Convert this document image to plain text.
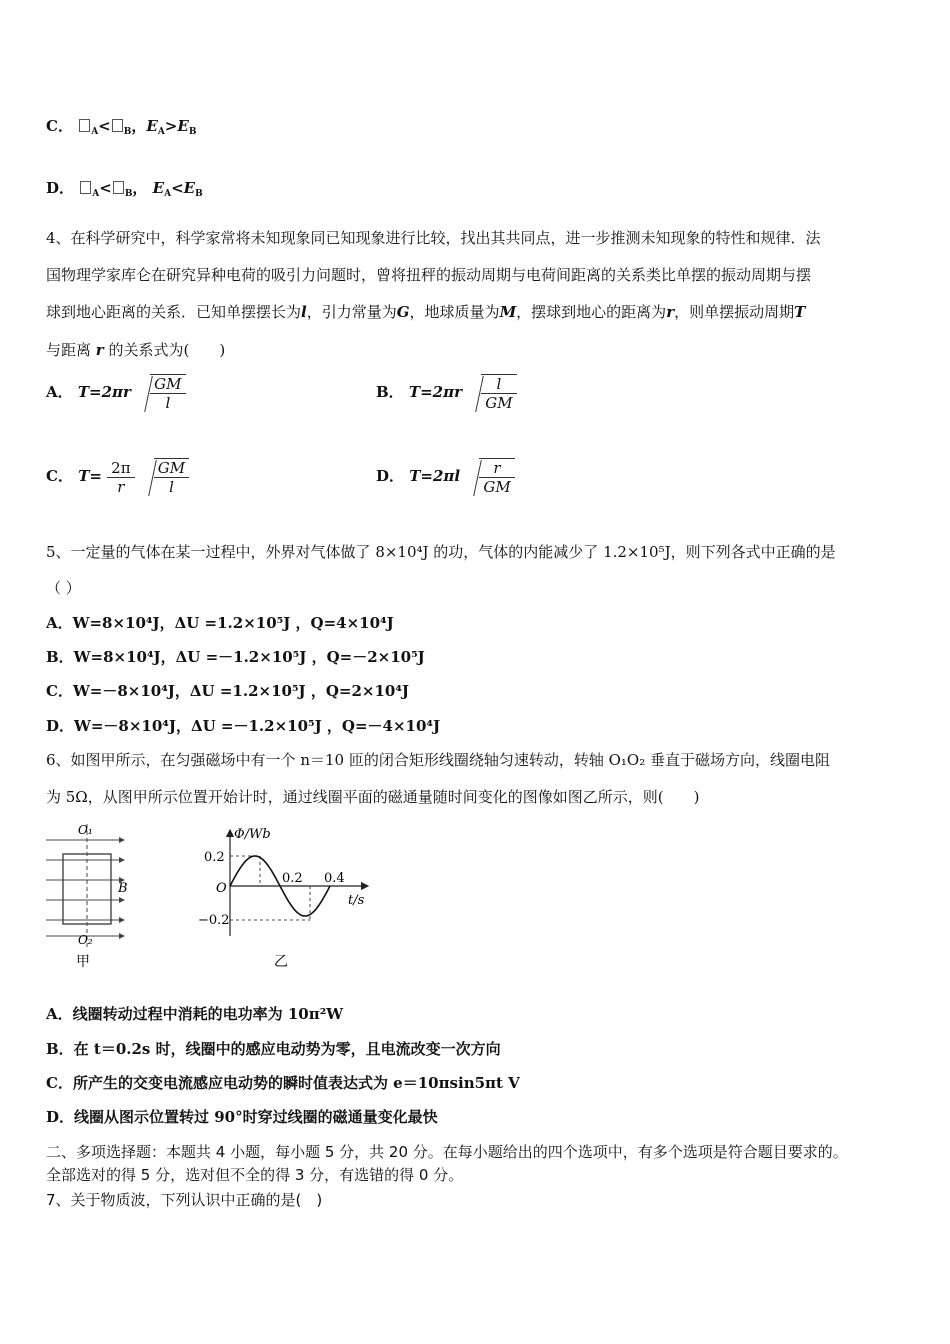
C． $_A$< $_B$，$E_A>E_B$
D． $_A$< $_B$， $E_A<E_B$
4、在科学研究中，科学家常将未知现象同已知现象进行比较，找出其共同点，进一步推测未知现象的特性和规律．法
国物理学家库仑在研究异种电荷的吸引力问题时，曾将扭秤的振动周期与电荷间距离的关系类比单摆的振动周期与摆
球到地心距离的关系．已知单摆摆长为l，引力常量为G，地球质量为M，摆球到地心的距离为r，则单摆振动周期T
与距离 r 的关系式为(　　)
A． $T=2\pi r \frac{GM}{l}$	B． $T=2\pi r \frac{l}{GM}$
C． $T= \frac{2\pi}{r}$
$\frac{GM}{l}$	D． $T=2\pi l \frac{r}{GM}$
5、一定量的气体在某一过程中，外界对气体做了 8×10⁴J 的功，气体的内能减少了 1.2×10⁵J，则下列各式中正确的是
（ ）
A．W=8×10⁴J，ΔU =1.2×10⁵J ，Q=4×10⁴J
B．W=8×10⁴J，ΔU =－1.2×10⁵J ，Q=－2×10⁵J
C．W=－8×10⁴J，ΔU =1.2×10⁵J ，Q=2×10⁴J
D．W=－8×10⁴J，ΔU =－1.2×10⁵J ，Q=－4×10⁴J
6、如图甲所示，在匀强磁场中有一个 n＝10 匝的闭合矩形线圈绕轴匀速转动，转轴 O₁O₂ 垂直于磁场方向，线圈电阻
为 5Ω，从图甲所示位置开始计时，通过线圈平面的磁通量随时间变化的图像如图乙所示，则(　　)
O₁
O₂
B
甲
Φ/Wb
0.2
−0.2
O
0.2 0.4
t/s
乙
A．线圈转动过程中消耗的电功率为 10π²W
B．在 t＝0.2s 时，线圈中的感应电动势为零，且电流改变一次方向
C．所产生的交变电流感应电动势的瞬时值表达式为 e＝10πsin5πt V
D．线圈从图示位置转过 90°时穿过线圈的磁通量变化最快
二、多项选择题：本题共 4 小题，每小题 5 分，共 20 分。在每小题给出的四个选项中，有多个选项是符合题目要求的。
全部选对的得 5 分，选对但不全的得 3 分，有选错的得 0 分。
7、关于物质波，下列认识中正确的是(　)
